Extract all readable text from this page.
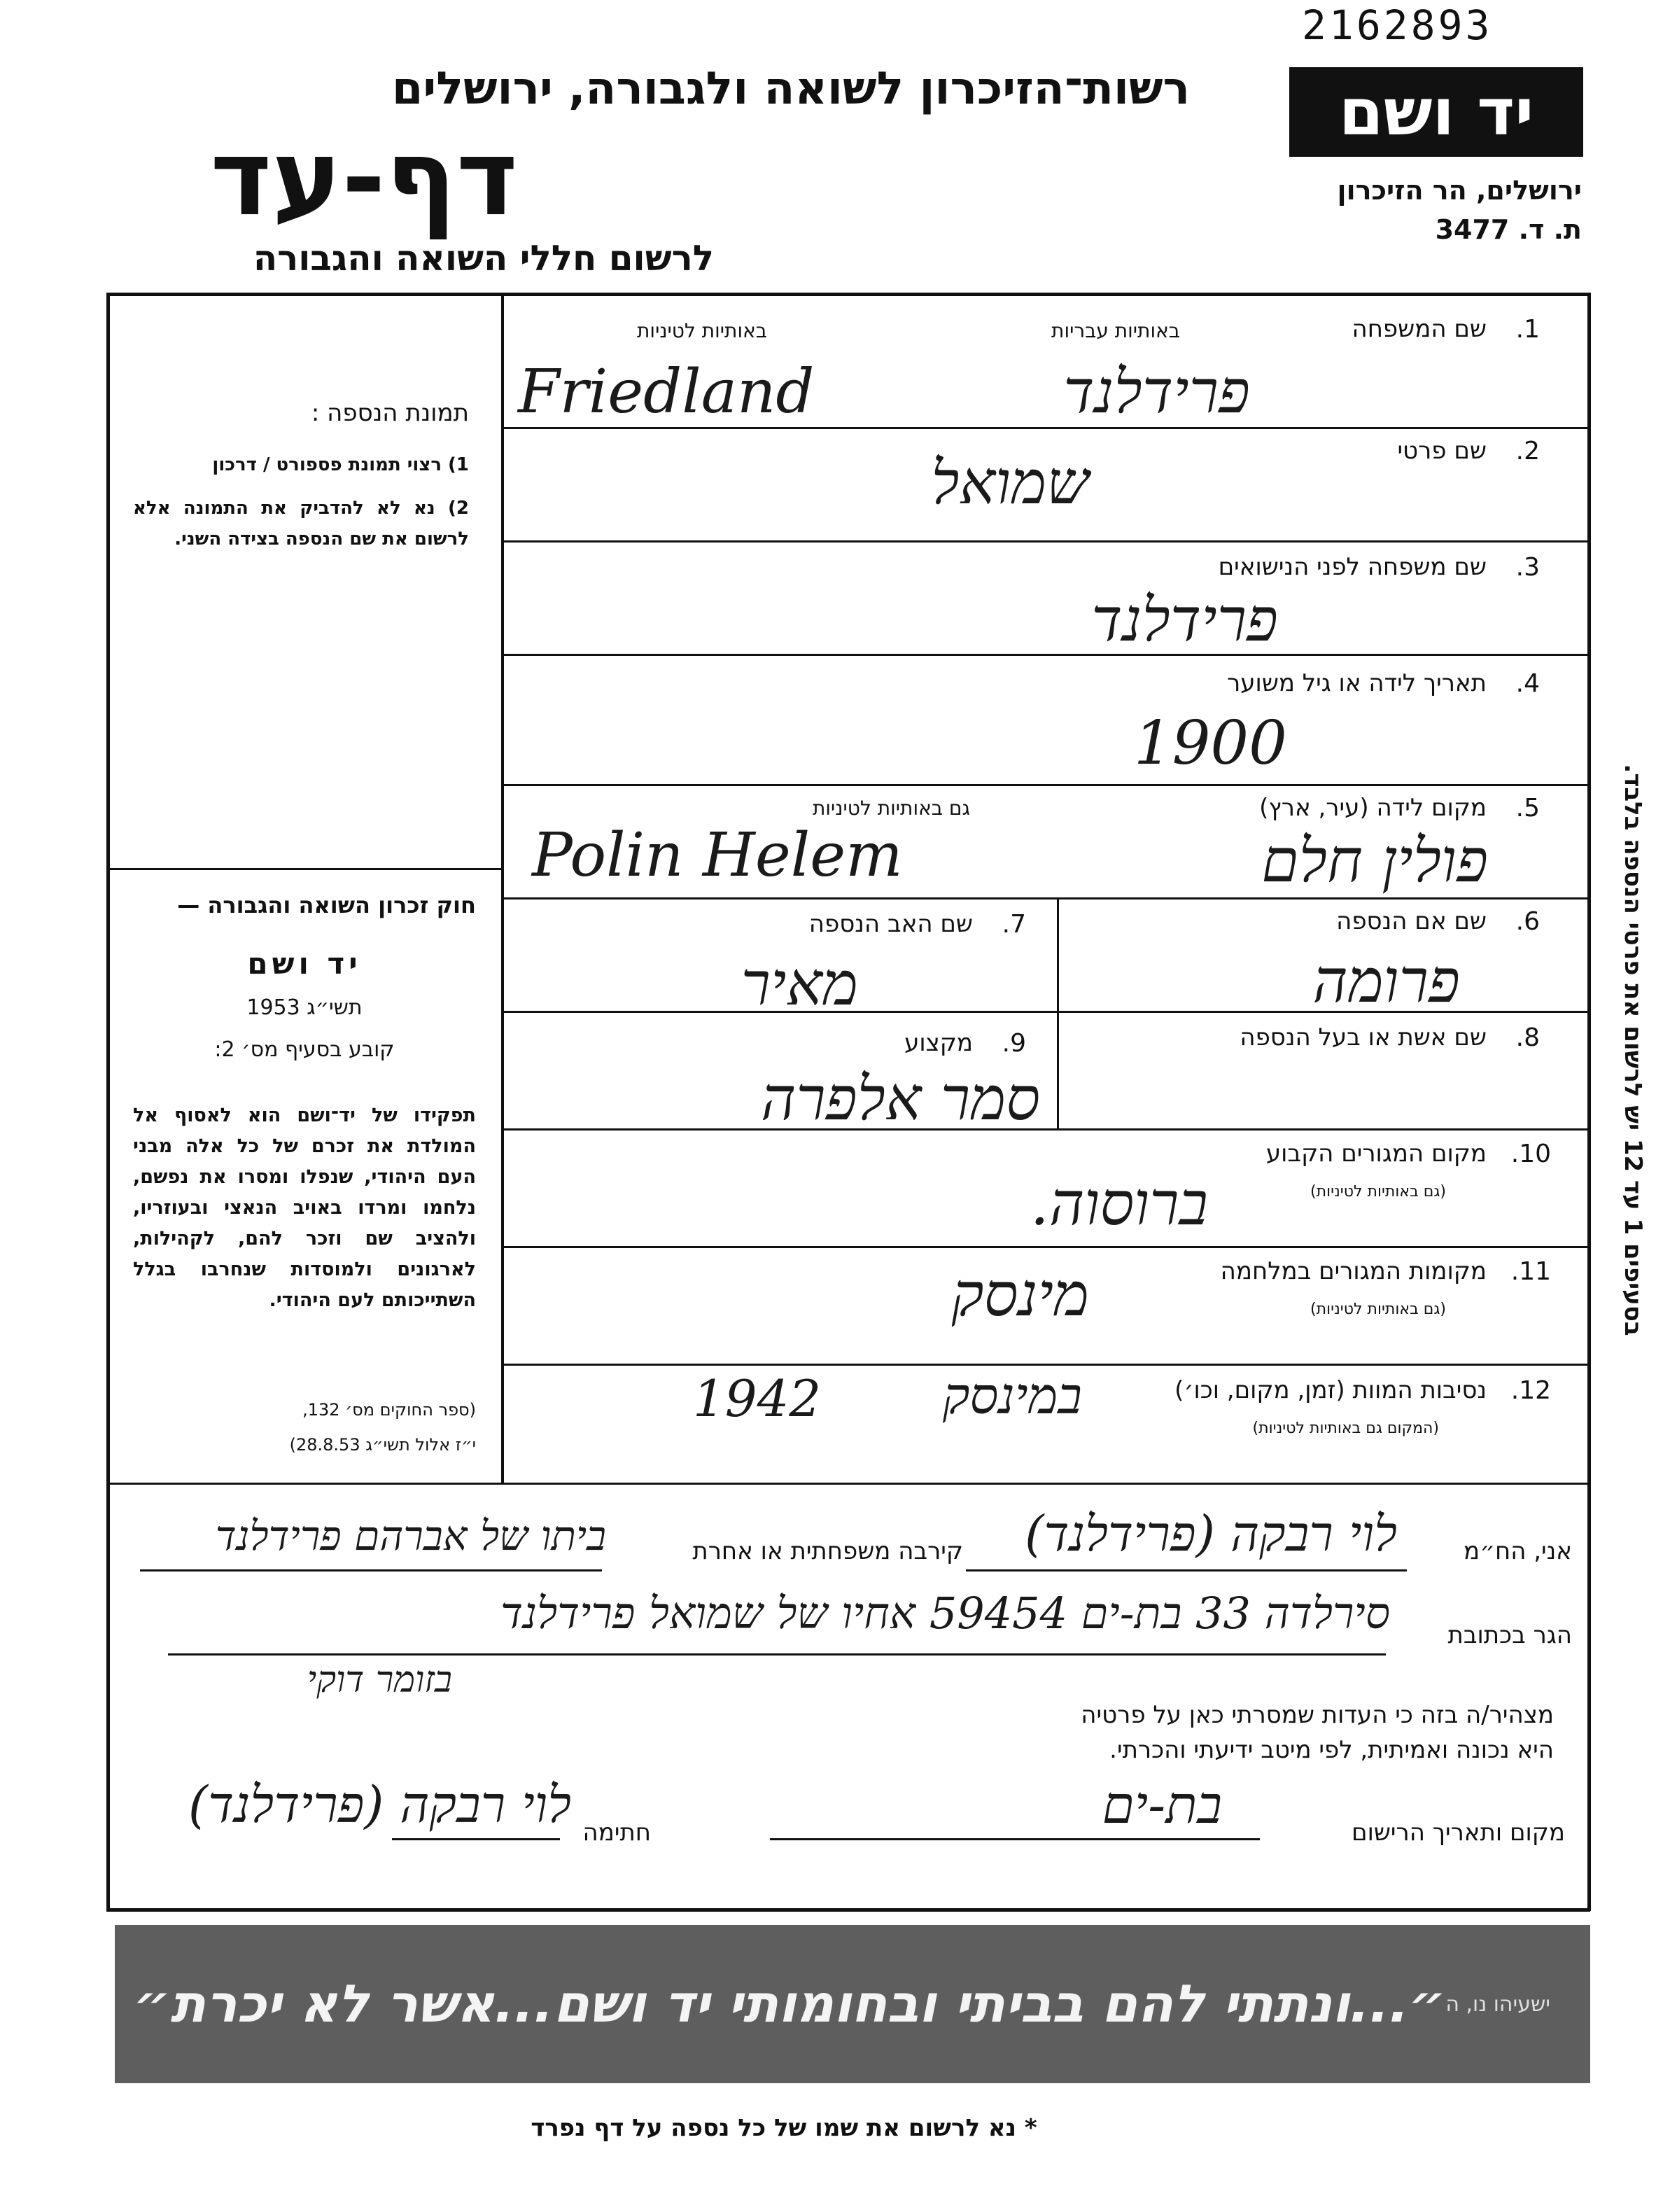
2162893
רשות־הזיכרון לשואה ולגבורה, ירושלים
דף-עד
לרשום חללי השואה והגבורה
יד ושם
ירושלים, הר הזיכרון
ת. ד. 3477
תמונת הנספה :
1) רצוי תמונת פספורט / דרכון
2) נא לא להדביק את התמונה אלא לרשום את שם הנספה בצידה השני.
חוק זכרון השואה והגבורה —
יד ושם
תשי״ג 1953
קובע בסעיף מס׳ 2:
תפקידו של יד־ושם הוא לאסוף אל המולדת את זכרם של כל אלה מבני העם היהודי, שנפלו ומסרו את נפשם, נלחמו ומרדו באויב הנאצי ובעוזריו, ולהציב שם וזכר להם, לקהילות, לארגונים ולמוסדות שנחרבו בגלל השתייכותם לעם היהודי.
(ספר החוקים מס׳ 132,
י״ז אלול תשי״ג 28.8.53)
1.
שם המשפחה
באותיות עבריות
באותיות לטיניות
Friedland	פרידלנד
2.
שם פרטי
שמואל
3.
שם משפחה לפני הנישואים
פרידלנד
4.
תאריך לידה או גיל משוער
1900
5.
מקום לידה (עיר, ארץ)
גם באותיות לטיניות
Polin Helem	פולין חלם
6.
שם אם הנספה
פרומה
7.
שם האב הנספה
מאיר
8.
שם אשת או בעל הנספה
9.
מקצוע
סמר אלפרה
10.
מקום המגורים הקבוע
(גם באותיות לטיניות)
ברוסוה.
11.
מקומות המגורים במלחמה
(גם באותיות לטיניות)
מינסק
12.
נסיבות המוות (זמן, מקום, וכו׳)
(המקום גם באותיות לטיניות)
במינסק
1942
אני, הח״מ
לוי רבקה (פרידלנד)
קירבה משפחתית או אחרת
ביתו של אברהם פרידלנד
הגר בכתובת
סירלדה 33 בת-ים 59454 אחיו של שמואל פרידלנד
בזומר דוקי
מצהיר/ה בזה כי העדות שמסרתי כאן על פרטיה
היא נכונה ואמיתית, לפי מיטב ידיעתי והכרתי.
מקום ותאריך הרישום
בת-ים
חתימה
לוי רבקה (פרידלנד)
בסעיפים 1 עד 12 יש לרשום את פרטי הנספה בלבד.
״...ונתתי להם בביתי ובחומותי יד ושם...אשר לא יכרת״ ישעיהו נו, ה
* נא לרשום את שמו של כל נספה על דף נפרד
